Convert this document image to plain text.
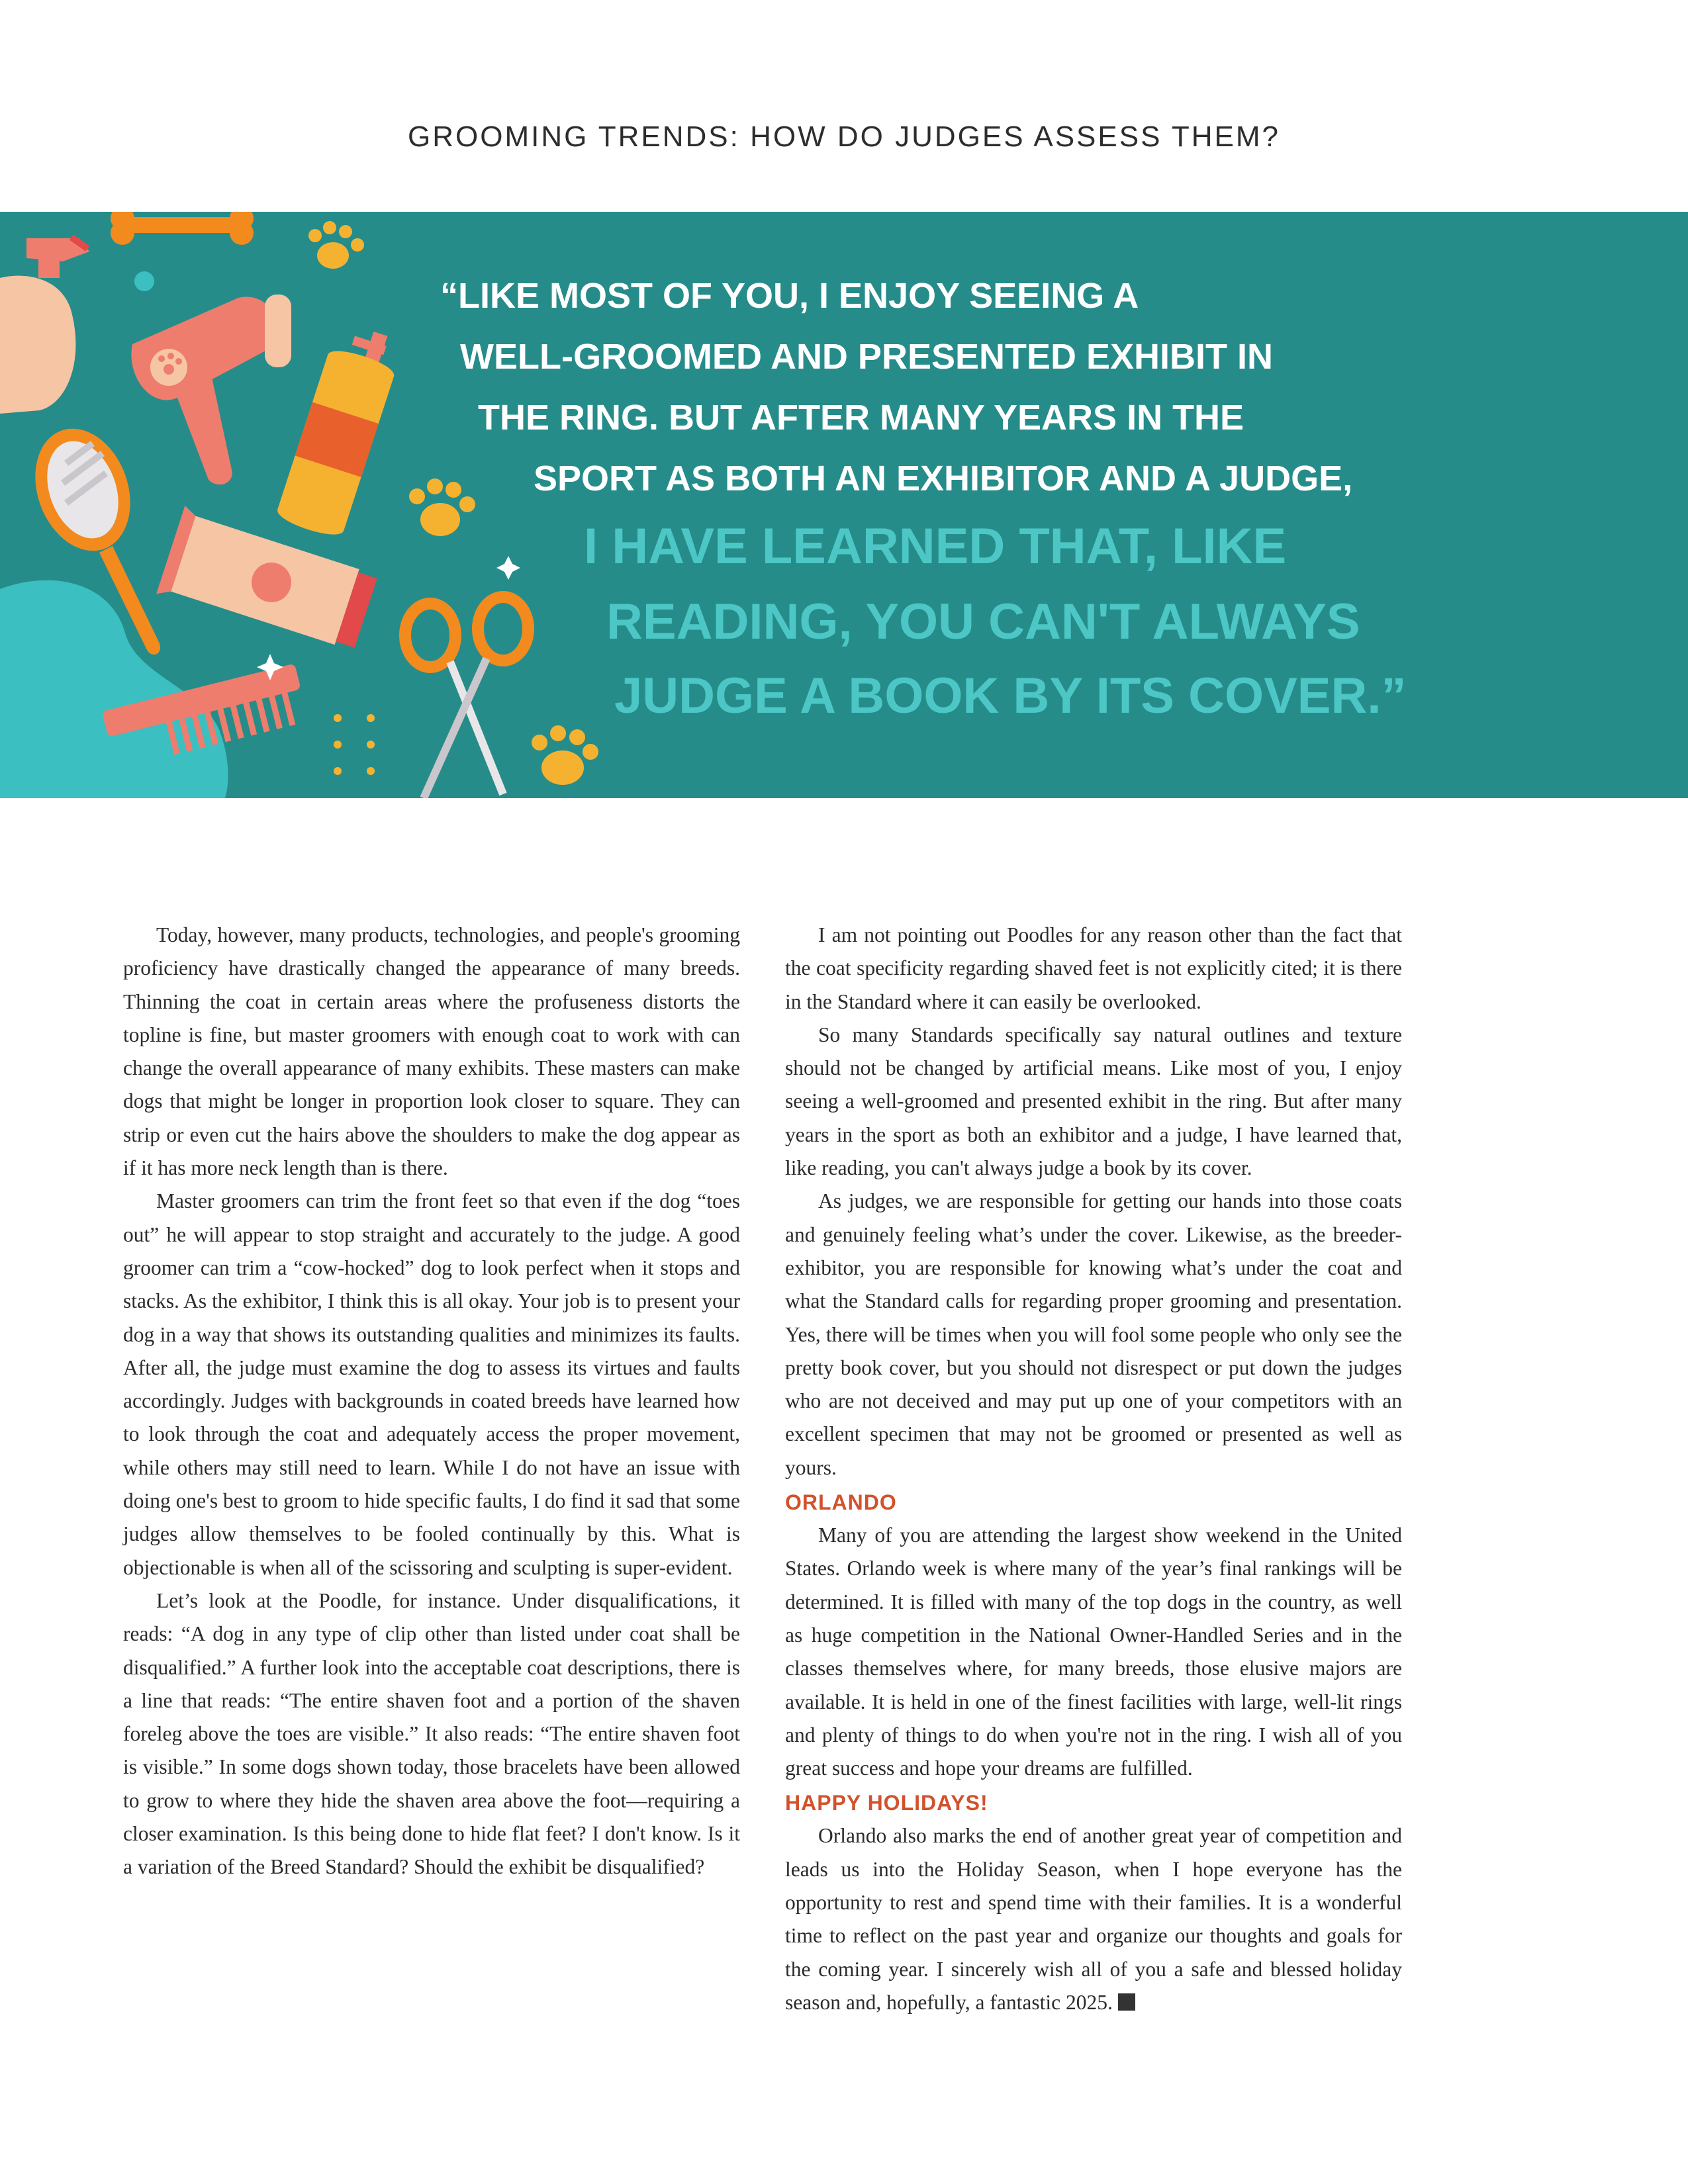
GROOMING TRENDS: HOW DO JUDGES ASSESS THEM?
“LIKE MOST OF YOU, I ENJOY SEEING A
WELL-GROOMED AND PRESENTED EXHIBIT IN
THE RING. BUT AFTER MANY YEARS IN THE
SPORT AS BOTH AN EXHIBITOR AND A JUDGE,
I HAVE LEARNED THAT, LIKE
READING, YOU CAN'T ALWAYS
JUDGE A BOOK BY ITS COVER.”

Today, however, many products, technologies, and people's grooming proficiency have drastically changed the appearance of many breeds. Thinning the coat in certain areas where the profuseness distorts the topline is fine, but master groomers with enough coat to work with can change the overall appearance of many exhibits. These masters can make dogs that might be longer in proportion look closer to square. They can strip or even cut the hairs above the shoulders to make the dog appear as if it has more neck length than is there.

Master groomers can trim the front feet so that even if the dog “toes out” he will appear to stop straight and accurately to the judge. A good groomer can trim a “cow-hocked” dog to look perfect when it stops and stacks. As the exhibitor, I think this is all okay. Your job is to present your dog in a way that shows its outstanding qualities and minimizes its faults. After all, the judge must examine the dog to assess its virtues and faults accordingly. Judges with backgrounds in coated breeds have learned how to look through the coat and adequately access the proper movement, while others may still need to learn. While I do not have an issue with doing one's best to groom to hide specific faults, I do find it sad that some judges allow themselves to be fooled continually by this. What is objectionable is when all of the scissoring and sculpting is super-evident.

Let’s look at the Poodle, for instance. Under disqualifications, it reads: “A dog in any type of clip other than listed under coat shall be disqualified.” A further look into the acceptable coat descriptions, there is a line that reads: “The entire shaven foot and a portion of the shaven foreleg above the toes are visible.” It also reads: “The entire shaven foot is visible.” In some dogs shown today, those bracelets have been allowed to grow to where they hide the shaven area above the foot—requiring a closer examination. Is this being done to hide flat feet? I don't know. Is it a variation of the Breed Standard? Should the exhibit be disqualified?

I am not pointing out Poodles for any reason other than the fact that the coat specificity regarding shaved feet is not explicitly cited; it is there in the Standard where it can easily be overlooked.

So many Standards specifically say natural outlines and texture should not be changed by artificial means. Like most of you, I enjoy seeing a well-groomed and presented exhibit in the ring. But after many years in the sport as both an exhibitor and a judge, I have learned that, like reading, you can't always judge a book by its cover.

As judges, we are responsible for getting our hands into those coats and genuinely feeling what’s under the cover. Likewise, as the breeder-exhibitor, you are responsible for knowing what’s under the coat and what the Standard calls for regarding proper grooming and presentation. Yes, there will be times when you will fool some people who only see the pretty book cover, but you should not disrespect or put down the judges who are not deceived and may put up one of your competitors with an excellent specimen that may not be groomed or presented as well as yours.

ORLANDO

Many of you are attending the largest show weekend in the United States. Orlando week is where many of the year’s final rankings will be determined. It is filled with many of the top dogs in the country, as well as huge competition in the National Owner-Handled Series and in the classes themselves where, for many breeds, those elusive majors are available. It is held in one of the finest facilities with large, well-lit rings and plenty of things to do when you're not in the ring. I wish all of you great success and hope your dreams are fulfilled.

HAPPY HOLIDAYS!

Orlando also marks the end of another great year of competition and leads us into the Holiday Season, when I hope everyone has the opportunity to rest and spend time with their families. It is a wonderful time to reflect on the past year and organize our thoughts and goals for the coming year. I sincerely wish all of you a safe and blessed holiday season and, hopefully, a fantastic 2025.
